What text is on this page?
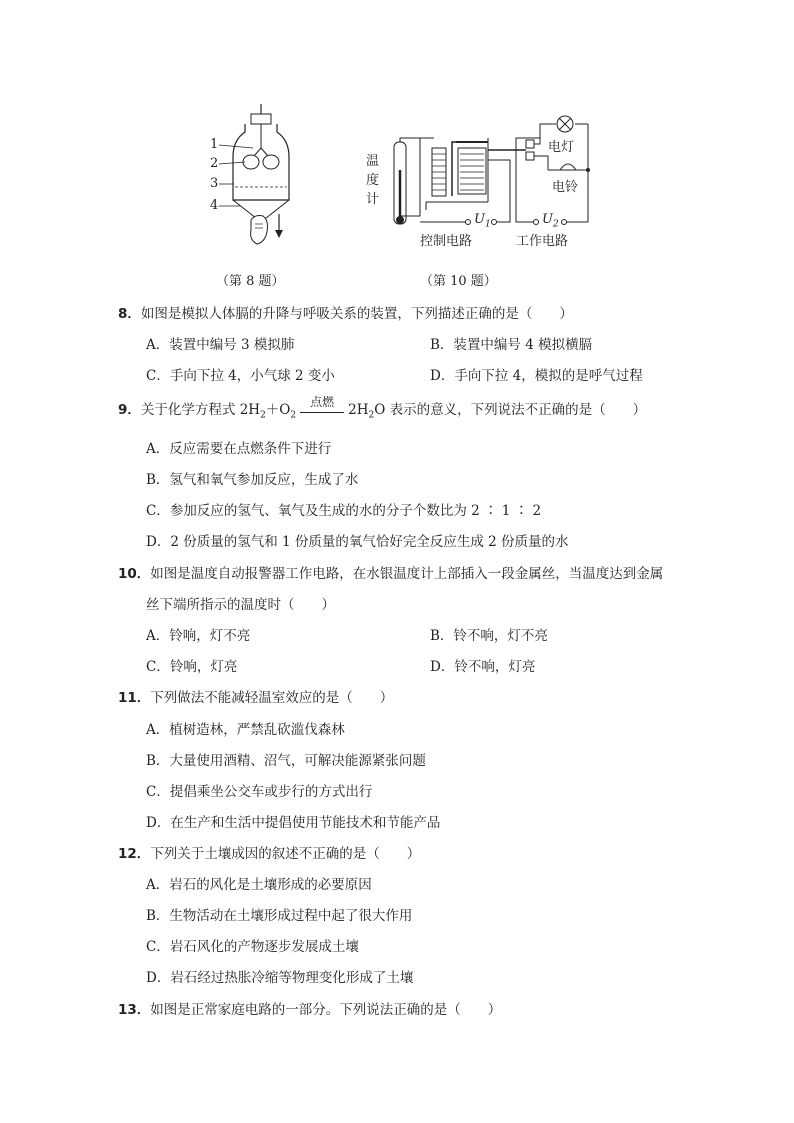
1
2
3
4
（第 8 题）
温
度
计
电灯
电铃
$U_1$	$U_2$
控制电路	工作电路
（第 10 题）
8．如图是模拟人体膈的升降与呼吸关系的装置，下列描述正确的是（　　）
A．装置中编号 3 模拟肺	B．装置中编号 4 模拟横膈
C．手向下拉 4，小气球 2 变小	D．手向下拉 4，模拟的是呼气过程
9．关于化学方程式 $2H_2+O_2$
点燃
$2H_2O$ 表示的意义，下列说法不正确的是（　　）
A．反应需要在点燃条件下进行
B．氢气和氧气参加反应，生成了水
C．参加反应的氢气、氧气及生成的水的分子个数比为 2 ∶ 1 ∶ 2
D．2 份质量的氢气和 1 份质量的氧气恰好完全反应生成 2 份质量的水
10．如图是温度自动报警器工作电路，在水银温度计上部插入一段金属丝，当温度达到金属
丝下端所指示的温度时（　　）
A．铃响，灯不亮	B．铃不响，灯不亮
C．铃响，灯亮	D．铃不响，灯亮
11．下列做法不能减轻温室效应的是（　　）
A．植树造林，严禁乱砍滥伐森林
B．大量使用酒精、沼气，可解决能源紧张问题
C．提倡乘坐公交车或步行的方式出行
D．在生产和生活中提倡使用节能技术和节能产品
12．下列关于土壤成因的叙述不正确的是（　　）
A．岩石的风化是土壤形成的必要原因
B．生物活动在土壤形成过程中起了很大作用
C．岩石风化的产物逐步发展成土壤
D．岩石经过热胀冷缩等物理变化形成了土壤
13．如图是正常家庭电路的一部分。下列说法正确的是（　　）
